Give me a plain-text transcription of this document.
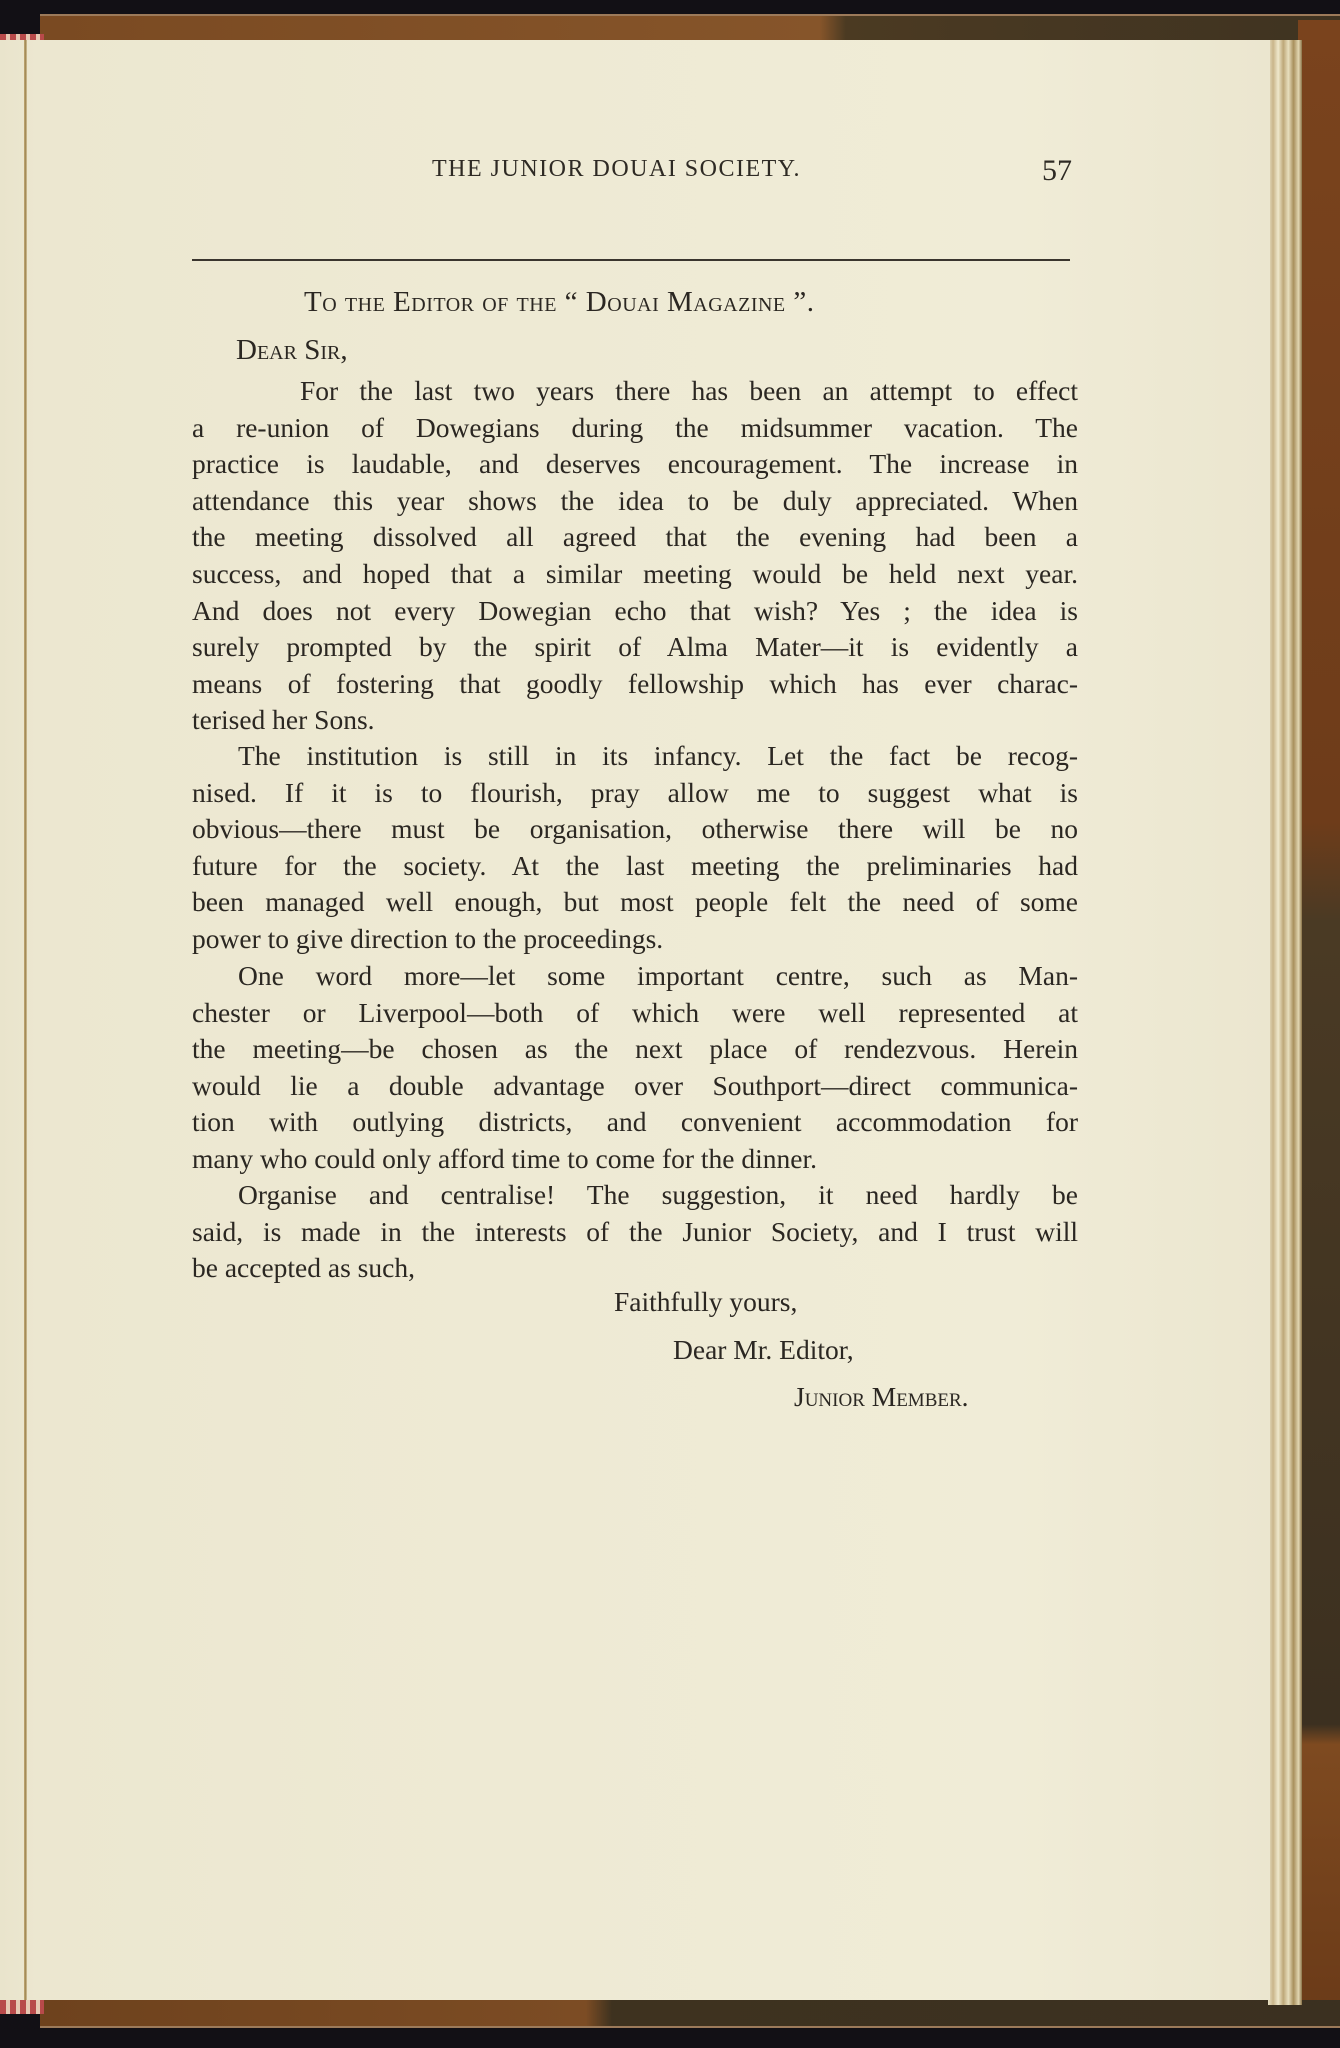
THE JUNIOR DOUAI SOCIETY.	57
To the Editor of the “ Douai Magazine ”.
Dear Sir,
For the last two years there has been an attempt to effect
a re-union of Dowegians during the midsummer vacation. The
practice is laudable, and deserves encouragement. The increase in
attendance this year shows the idea to be duly appreciated. When
the meeting dissolved all agreed that the evening had been a
success, and hoped that a similar meeting would be held next year.
And does not every Dowegian echo that wish? Yes ; the idea is
surely prompted by the spirit of Alma Mater—it is evidently a
means of fostering that goodly fellowship which has ever charac-
terised her Sons.
The institution is still in its infancy. Let the fact be recog-
nised. If it is to flourish, pray allow me to suggest what is
obvious—there must be organisation, otherwise there will be no
future for the society. At the last meeting the preliminaries had
been managed well enough, but most people felt the need of some
power to give direction to the proceedings.
One word more—let some important centre, such as Man-
chester or Liverpool—both of which were well represented at
the meeting—be chosen as the next place of rendezvous. Herein
would lie a double advantage over Southport—direct communica-
tion with outlying districts, and convenient accommodation for
many who could only afford time to come for the dinner.
Organise and centralise! The suggestion, it need hardly be
said, is made in the interests of the Junior Society, and I trust will
be accepted as such,
Faithfully yours,
Dear Mr. Editor,
Junior Member.
